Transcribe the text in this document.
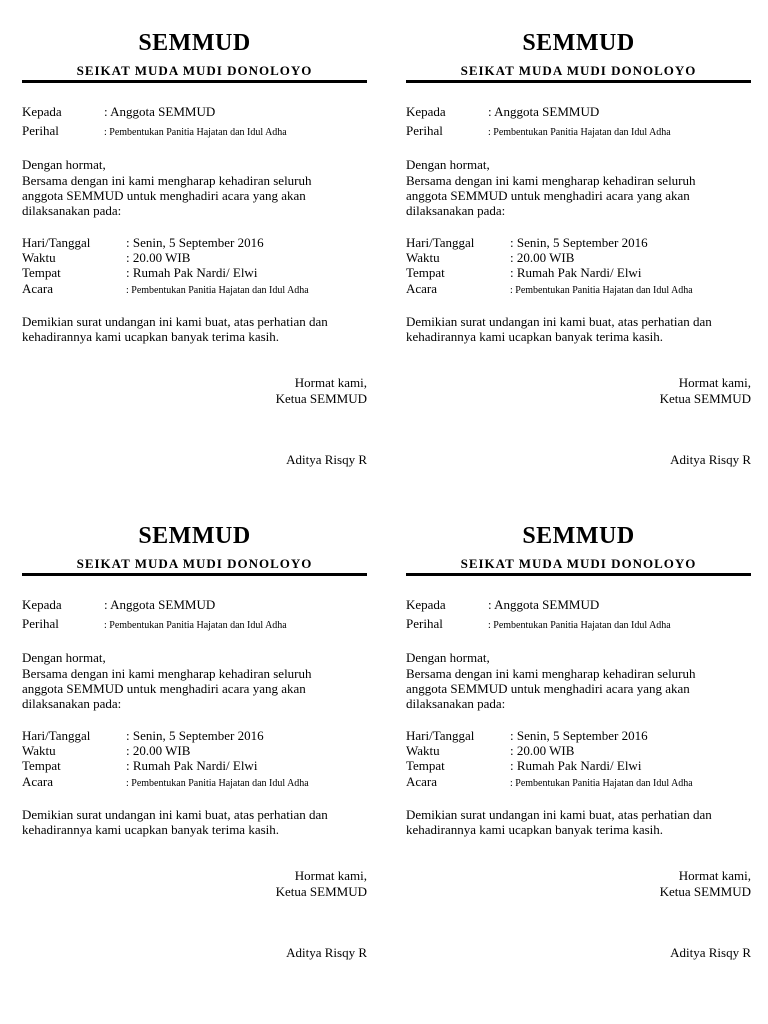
SEMMUD
SEIKAT MUDA MUDI DONOLOYO
Kepada	: Anggota SEMMUD
Perihal	: Pembentukan Panitia Hajatan dan Idul Adha
Dengan hormat,
Bersama dengan ini kami mengharap kehadiran seluruh
anggota SEMMUD untuk menghadiri acara yang akan
dilaksanakan pada:
Hari/Tanggal	: Senin, 5 September 2016
Waktu	: 20.00 WIB
Tempat	: Rumah Pak Nardi/ Elwi
Acara	: Pembentukan Panitia Hajatan dan Idul Adha
Demikian surat undangan ini kami buat, atas perhatian dan
kehadirannya kami ucapkan banyak terima kasih.
Hormat kami,
Ketua SEMMUD
Aditya Risqy R
SEMMUD
SEIKAT MUDA MUDI DONOLOYO
Kepada	: Anggota SEMMUD
Perihal	: Pembentukan Panitia Hajatan dan Idul Adha
Dengan hormat,
Bersama dengan ini kami mengharap kehadiran seluruh
anggota SEMMUD untuk menghadiri acara yang akan
dilaksanakan pada:
Hari/Tanggal	: Senin, 5 September 2016
Waktu	: 20.00 WIB
Tempat	: Rumah Pak Nardi/ Elwi
Acara	: Pembentukan Panitia Hajatan dan Idul Adha
Demikian surat undangan ini kami buat, atas perhatian dan
kehadirannya kami ucapkan banyak terima kasih.
Hormat kami,
Ketua SEMMUD
Aditya Risqy R
SEMMUD
SEIKAT MUDA MUDI DONOLOYO
Kepada	: Anggota SEMMUD
Perihal	: Pembentukan Panitia Hajatan dan Idul Adha
Dengan hormat,
Bersama dengan ini kami mengharap kehadiran seluruh
anggota SEMMUD untuk menghadiri acara yang akan
dilaksanakan pada:
Hari/Tanggal	: Senin, 5 September 2016
Waktu	: 20.00 WIB
Tempat	: Rumah Pak Nardi/ Elwi
Acara	: Pembentukan Panitia Hajatan dan Idul Adha
Demikian surat undangan ini kami buat, atas perhatian dan
kehadirannya kami ucapkan banyak terima kasih.
Hormat kami,
Ketua SEMMUD
Aditya Risqy R
SEMMUD
SEIKAT MUDA MUDI DONOLOYO
Kepada	: Anggota SEMMUD
Perihal	: Pembentukan Panitia Hajatan dan Idul Adha
Dengan hormat,
Bersama dengan ini kami mengharap kehadiran seluruh
anggota SEMMUD untuk menghadiri acara yang akan
dilaksanakan pada:
Hari/Tanggal	: Senin, 5 September 2016
Waktu	: 20.00 WIB
Tempat	: Rumah Pak Nardi/ Elwi
Acara	: Pembentukan Panitia Hajatan dan Idul Adha
Demikian surat undangan ini kami buat, atas perhatian dan
kehadirannya kami ucapkan banyak terima kasih.
Hormat kami,
Ketua SEMMUD
Aditya Risqy R
